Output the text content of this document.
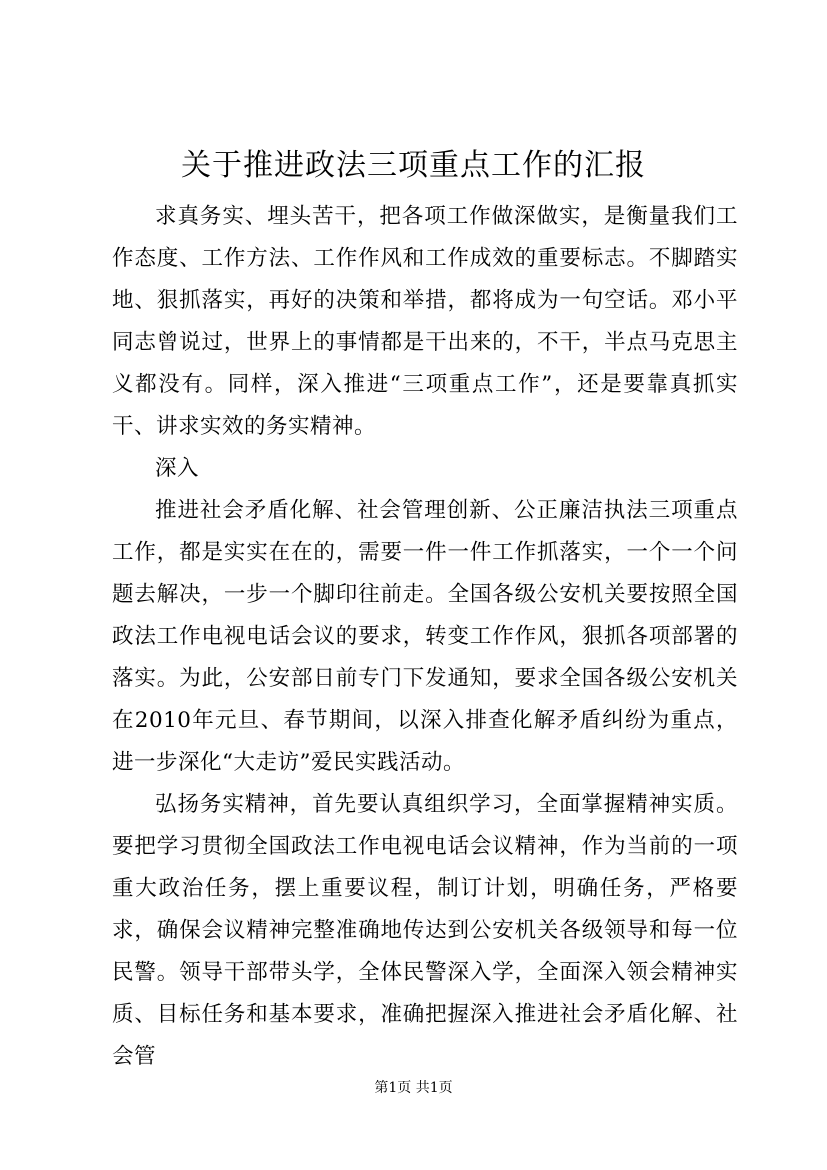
关于推进政法三项重点工作的汇报

求真务实、埋头苦干，把各项工作做深做实，是衡量我们工作态度、工作方法、工作作风和工作成效的重要标志。不脚踏实地、狠抓落实，再好的决策和举措，都将成为一句空话。邓小平同志曾说过，世界上的事情都是干出来的，不干，半点马克思主义都没有。同样，深入推进“三项重点工作”，还是要靠真抓实干、讲求实效的务实精神。

深入

推进社会矛盾化解、社会管理创新、公正廉洁执法三项重点工作，都是实实在在的，需要一件一件工作抓落实，一个一个问题去解决，一步一个脚印往前走。全国各级公安机关要按照全国政法工作电视电话会议的要求，转变工作作风，狠抓各项部署的落实。为此，公安部日前专门下发通知，要求全国各级公安机关在2010年元旦、春节期间，以深入排查化解矛盾纠纷为重点，进一步深化“大走访”爱民实践活动。

弘扬务实精神，首先要认真组织学习，全面掌握精神实质。要把学习贯彻全国政法工作电视电话会议精神，作为当前的一项重大政治任务，摆上重要议程，制订计划，明确任务，严格要求，确保会议精神完整准确地传达到公安机关各级领导和每一位民警。领导干部带头学，全体民警深入学，全面深入领会精神实质、目标任务和基本要求，准确把握深入推进社会矛盾化解、社会管

第1页 共1页
